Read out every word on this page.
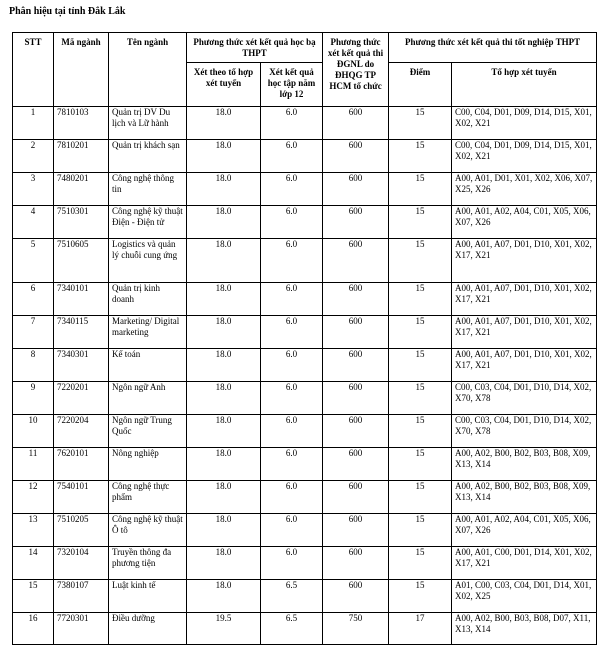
Phân hiệu tại tỉnh Đắk Lắk
STT	Mã ngành	Tên ngành	Phương thức xét kết quả học bạ THPT		Phương thức xét kết quả thi ĐGNL do ĐHQG TP HCM tổ chức	Phương thức xét kết quả thi tốt nghiệp THPT	
			Xét theo tổ hợp xét tuyển	Xét kết quả học tập năm lớp 12		Điểm	Tổ hợp xét tuyển
1	7810103	Quản trị DV Du lịch và Lữ hành	18.0	6.0	600	15	C00, C04, D01, D09, D14, D15, X01, X02, X21
2	7810201	Quản trị khách sạn	18.0	6.0	600	15	C00, C04, D01, D09, D14, D15, X01, X02, X21
3	7480201	Công nghệ thông tin	18.0	6.0	600	15	A00, A01, D01, X01, X02, X06, X07, X25, X26
4	7510301	Công nghệ kỹ thuật Điện - Điện tử	18.0	6.0	600	15	A00, A01, A02, A04, C01, X05, X06, X07, X26
5	7510605	Logistics và quản lý chuỗi cung ứng	18.0	6.0	600	15	A00, A01, A07, D01, D10, X01, X02, X17, X21
6	7340101	Quản trị kinh doanh	18.0	6.0	600	15	A00, A01, A07, D01, D10, X01, X02, X17, X21
7	7340115	Marketing/ Digital marketing	18.0	6.0	600	15	A00, A01, A07, D01, D10, X01, X02, X17, X21
8	7340301	Kế toán	18.0	6.0	600	15	A00, A01, A07, D01, D10, X01, X02, X17, X21
9	7220201	Ngôn ngữ Anh	18.0	6.0	600	15	C00, C03, C04, D01, D10, D14, X02, X70, X78
10	7220204	Ngôn ngữ Trung Quốc	18.0	6.0	600	15	C00, C03, C04, D01, D10, D14, X02, X70, X78
11	7620101	Nông nghiệp	18.0	6.0	600	15	A00, A02, B00, B02, B03, B08, X09, X13, X14
12	7540101	Công nghệ thực phẩm	18.0	6.0	600	15	A00, A02, B00, B02, B03, B08, X09, X13, X14
13	7510205	Công nghệ kỹ thuật Ô tô	18.0	6.0	600	15	A00, A01, A02, A04, C01, X05, X06, X07, X26
14	7320104	Truyền thông đa phương tiện	18.0	6.0	600	15	A00, A01, C00, D01, D14, X01, X02, X17, X21
15	7380107	Luật kinh tế	18.0	6.5	600	15	A01, C00, C03, C04, D01, D14, X01, X02, X25
16	7720301	Điều dưỡng	19.5	6.5	750	17	A00, A02, B00, B03, B08, D07, X11, X13, X14
